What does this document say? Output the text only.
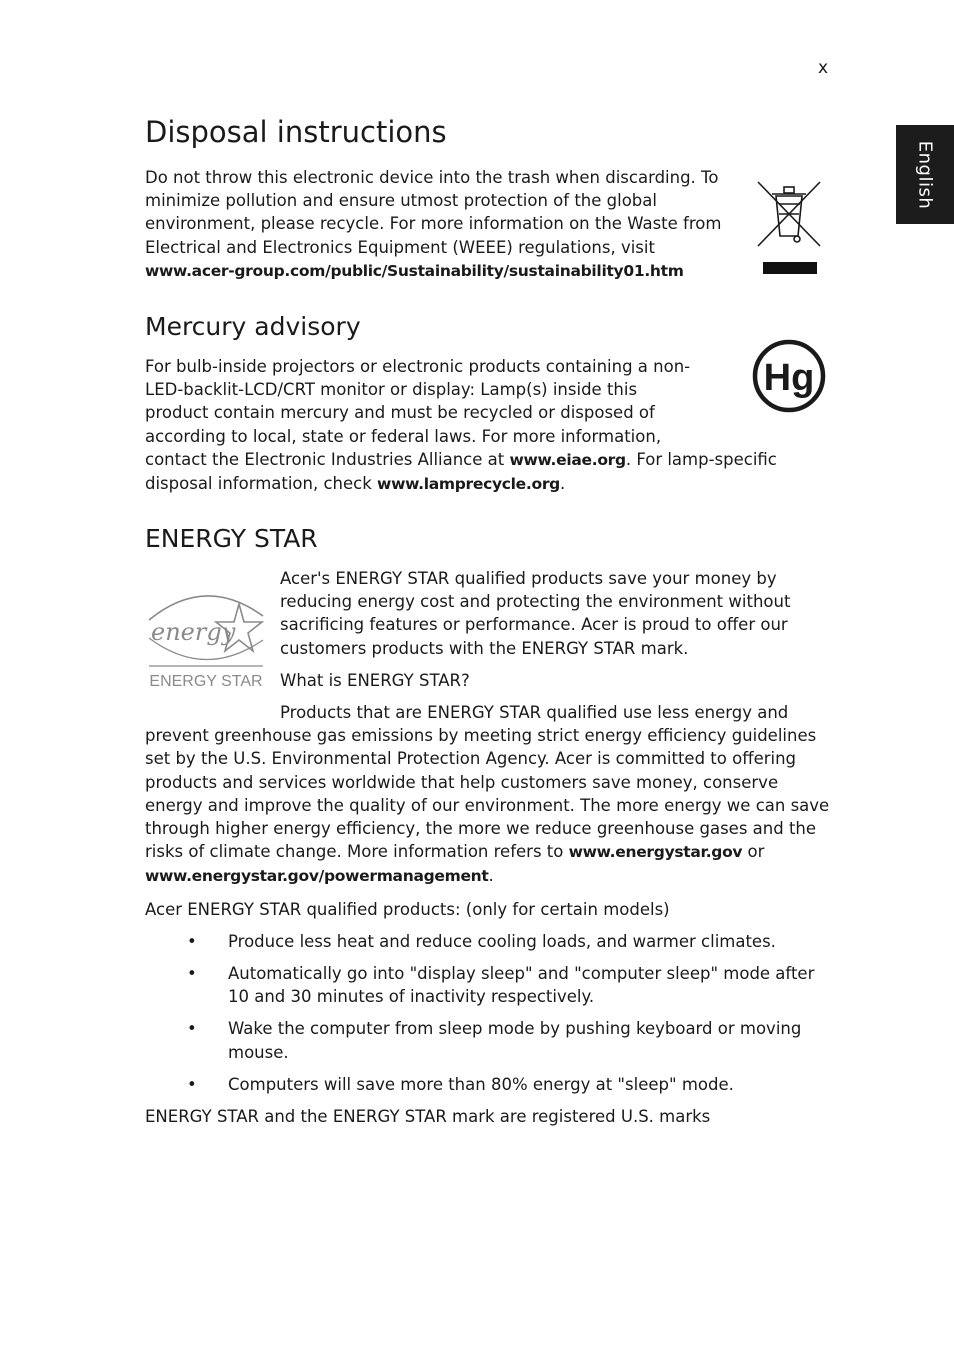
x
English
Disposal instructions

Do not throw this electronic device into the trash when discarding. To minimize pollution and ensure utmost protection of the global environment, please recycle. For more information on the Waste from Electrical and Electronics Equipment (WEEE) regulations, visit www.acer-group.com/public/Sustainability/sustainability01.htm

Mercury advisory

For bulb-inside projectors or electronic products containing a non-LED-backlit-LCD/CRT monitor or display: Lamp(s) inside this product contain mercury and must be recycled or disposed of according to local, state or federal laws. For more information, contact the Electronic Industries Alliance at www.eiae.org. For lamp-specific disposal information, check www.lamprecycle.org.

Hg
ENERGY STAR
energy
ENERGY STAR

Acer's ENERGY STAR qualified products save your money by reducing energy cost and protecting the environment without sacrificing features or performance. Acer is proud to offer our customers products with the ENERGY STAR mark.

What is ENERGY STAR?

Products that are ENERGY STAR qualified use less energy and

prevent greenhouse gas emissions by meeting strict energy efficiency guidelines set by the U.S. Environmental Protection Agency. Acer is committed to offering products and services worldwide that help customers save money, conserve energy and improve the quality of our environment. The more energy we can save through higher energy efficiency, the more we reduce greenhouse gases and the risks of climate change. More information refers to www.energystar.gov or www.energystar.gov/powermanagement.

Acer ENERGY STAR qualified products: (only for certain models)

• Produce less heat and reduce cooling loads, and warmer climates.
• Automatically go into "display sleep" and "computer sleep" mode after 10 and 30 minutes of inactivity respectively.
• Wake the computer from sleep mode by pushing keyboard or moving mouse.
• Computers will save more than 80% energy at "sleep" mode.

ENERGY STAR and the ENERGY STAR mark are registered U.S. marks
